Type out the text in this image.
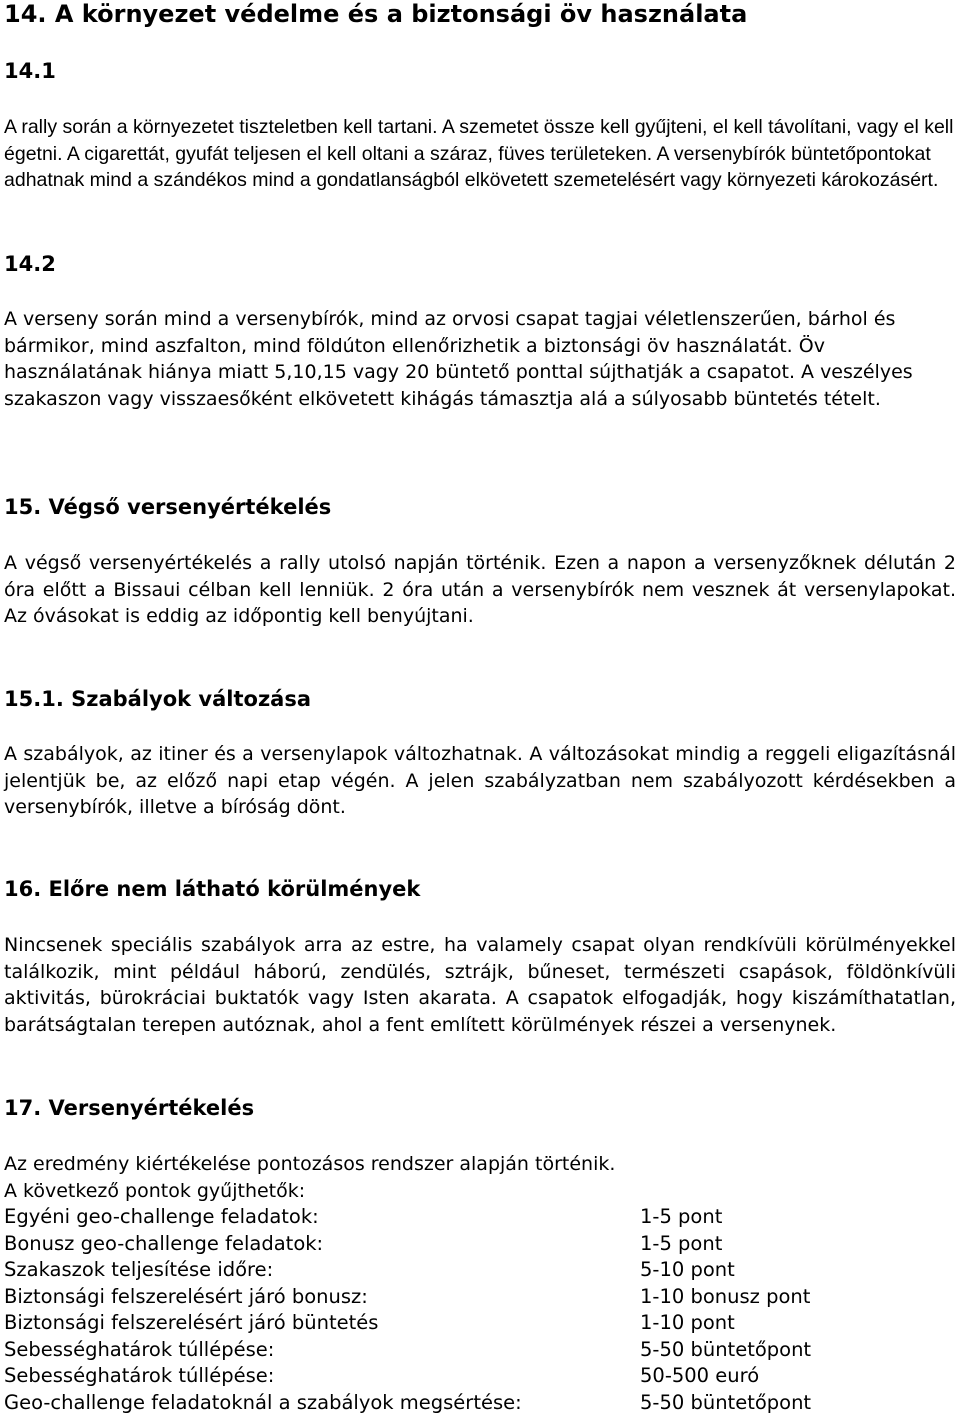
14. A környezet védelme és a biztonsági öv használata
14.1

A rally során a környezetet tiszteletben kell tartani. A szemetet össze kell gyűjteni, el kell távolítani, vagy el kell égetni. A cigarettát, gyufát teljesen el kell oltani a száraz, füves területeken. A versenybírók büntetőpontokat adhatnak mind a szándékos mind a gondatlanságból elkövetett szemetelésért vagy környezeti károkozásért.

14.2

A verseny során mind a versenybírók, mind az orvosi csapat tagjai véletlenszerűen, bárhol és bármikor, mind aszfalton, mind földúton ellenőrizhetik a biztonsági öv használatát. Öv használatának hiánya miatt 5,10,15 vagy 20 büntető ponttal sújthatják a csapatot. A veszélyes szakaszon vagy visszaesőként elkövetett kihágás támasztja alá a súlyosabb büntetés tételt.

15. Végső versenyértékelés

A végső versenyértékelés a rally utolsó napján történik. Ezen a napon a versenyzőknek délután 2 óra előtt a Bissaui célban kell lenniük. 2 óra után a versenybírók nem vesznek át versenylapokat. Az óvásokat is eddig az időpontig kell benyújtani.

15.1. Szabályok változása

A szabályok, az itiner és a versenylapok változhatnak. A változásokat mindig a reggeli eligazításnál jelentjük be, az előző napi etap végén. A jelen szabályzatban nem szabályozott kérdésekben a versenybírók, illetve a bíróság dönt.

16. Előre nem látható körülmények

Nincsenek speciális szabályok arra az estre, ha valamely csapat olyan rendkívüli körülményekkel találkozik, mint például háború, zendülés, sztrájk, bűneset, természeti csapások, földönkívüli aktivitás, bürokráciai buktatók vagy Isten akarata. A csapatok elfogadják, hogy kiszámíthatatlan, barátságtalan terepen autóznak, ahol a fent említett körülmények részei a versenynek.

17. Versenyértékelés
Az eredmény kiértékelése pontozásos rendszer alapján történik.
A következő pontok gyűjthetők:
Egyéni geo-challenge feladatok:	1-5 pont
Bonusz geo-challenge feladatok:	1-5 pont
Szakaszok teljesítése időre:	5-10 pont
Biztonsági felszerelésért járó bonusz:	1-10 bonusz pont
Biztonsági felszerelésért járó büntetés	1-10 pont
Sebességhatárok túllépése:	5-50 büntetőpont
Sebességhatárok túllépése:	50-500 euró
Geo-challenge feladatoknál a szabályok megsértése:	5-50 büntetőpont
